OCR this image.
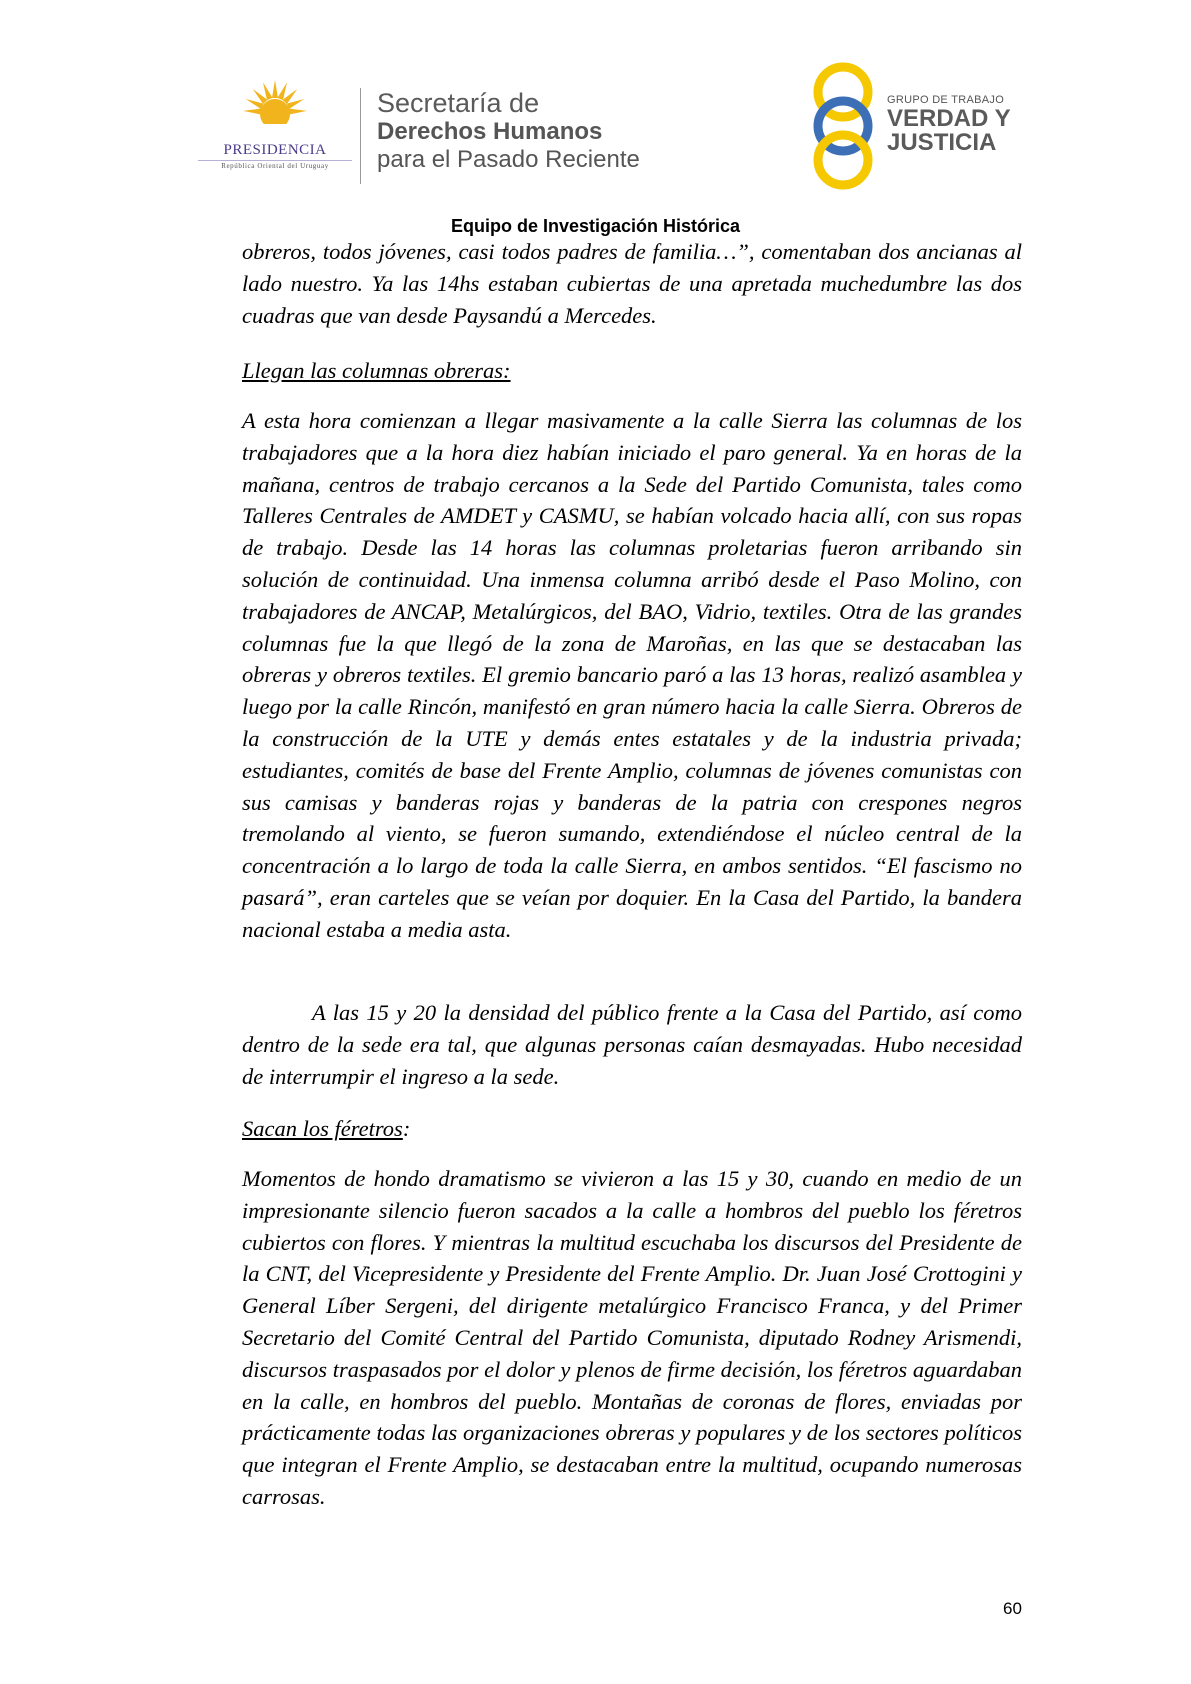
PRESIDENCIA
República Oriental del Uruguay
Secretaría de
Derechos Humanos
para el Pasado Reciente
GRUPO DE TRABAJO
VERDAD Y
JUSTICIA
Equipo de Investigación Histórica

obreros, todos jóvenes, casi todos padres de familia…”, comentaban dos ancianas al lado nuestro. Ya las 14hs estaban cubiertas de una apretada muchedumbre las dos cuadras que van desde Paysandú a Mercedes.

Llegan las columnas obreras:

A esta hora comienzan a llegar masivamente a la calle Sierra las columnas de los trabajadores que a la hora diez habían iniciado el paro general. Ya en horas de la mañana, centros de trabajo cercanos a la Sede del Partido Comunista, tales como Talleres Centrales de AMDET y CASMU, se habían volcado hacia allí, con sus ropas de trabajo. Desde las 14 horas las columnas proletarias fueron arribando sin solución de continuidad. Una inmensa columna arribó desde el Paso Molino, con trabajadores de ANCAP, Metalúrgicos, del BAO, Vidrio, textiles. Otra de las grandes columnas fue la que llegó de la zona de Maroñas, en las que se destacaban las obreras y obreros textiles. El gremio bancario paró a las 13 horas, realizó asamblea y luego por la calle Rincón, manifestó en gran número hacia la calle Sierra. Obreros de la construcción de la UTE y demás entes estatales y de la industria privada; estudiantes, comités de base del Frente Amplio, columnas de jóvenes comunistas con sus camisas y banderas rojas y banderas de la patria con crespones negros tremolando al viento, se fueron sumando, extendiéndose el núcleo central de la concentración a lo largo de toda la calle Sierra, en ambos sentidos. “El fascismo no pasará”, eran carteles que se veían por doquier. En la Casa del Partido, la bandera nacional estaba a media asta.

A las 15 y 20 la densidad del público frente a la Casa del Partido, así como dentro de la sede era tal, que algunas personas caían desmayadas. Hubo necesidad de interrumpir el ingreso a la sede.

Sacan los féretros:

Momentos de hondo dramatismo se vivieron a las 15 y 30, cuando en medio de un impresionante silencio fueron sacados a la calle a hombros del pueblo los féretros cubiertos con flores. Y mientras la multitud escuchaba los discursos del Presidente de la CNT, del Vicepresidente y Presidente del Frente Amplio. Dr. Juan José Crottogini y General Líber Sergeni, del dirigente metalúrgico Francisco Franca, y del Primer Secretario del Comité Central del Partido Comunista, diputado Rodney Arismendi, discursos traspasados por el dolor y plenos de firme decisión, los féretros aguardaban en la calle, en hombros del pueblo. Montañas de coronas de flores, enviadas por prácticamente todas las organizaciones obreras y populares y de los sectores políticos que integran el Frente Amplio, se destacaban entre la multitud, ocupando numerosas carrosas.

60
